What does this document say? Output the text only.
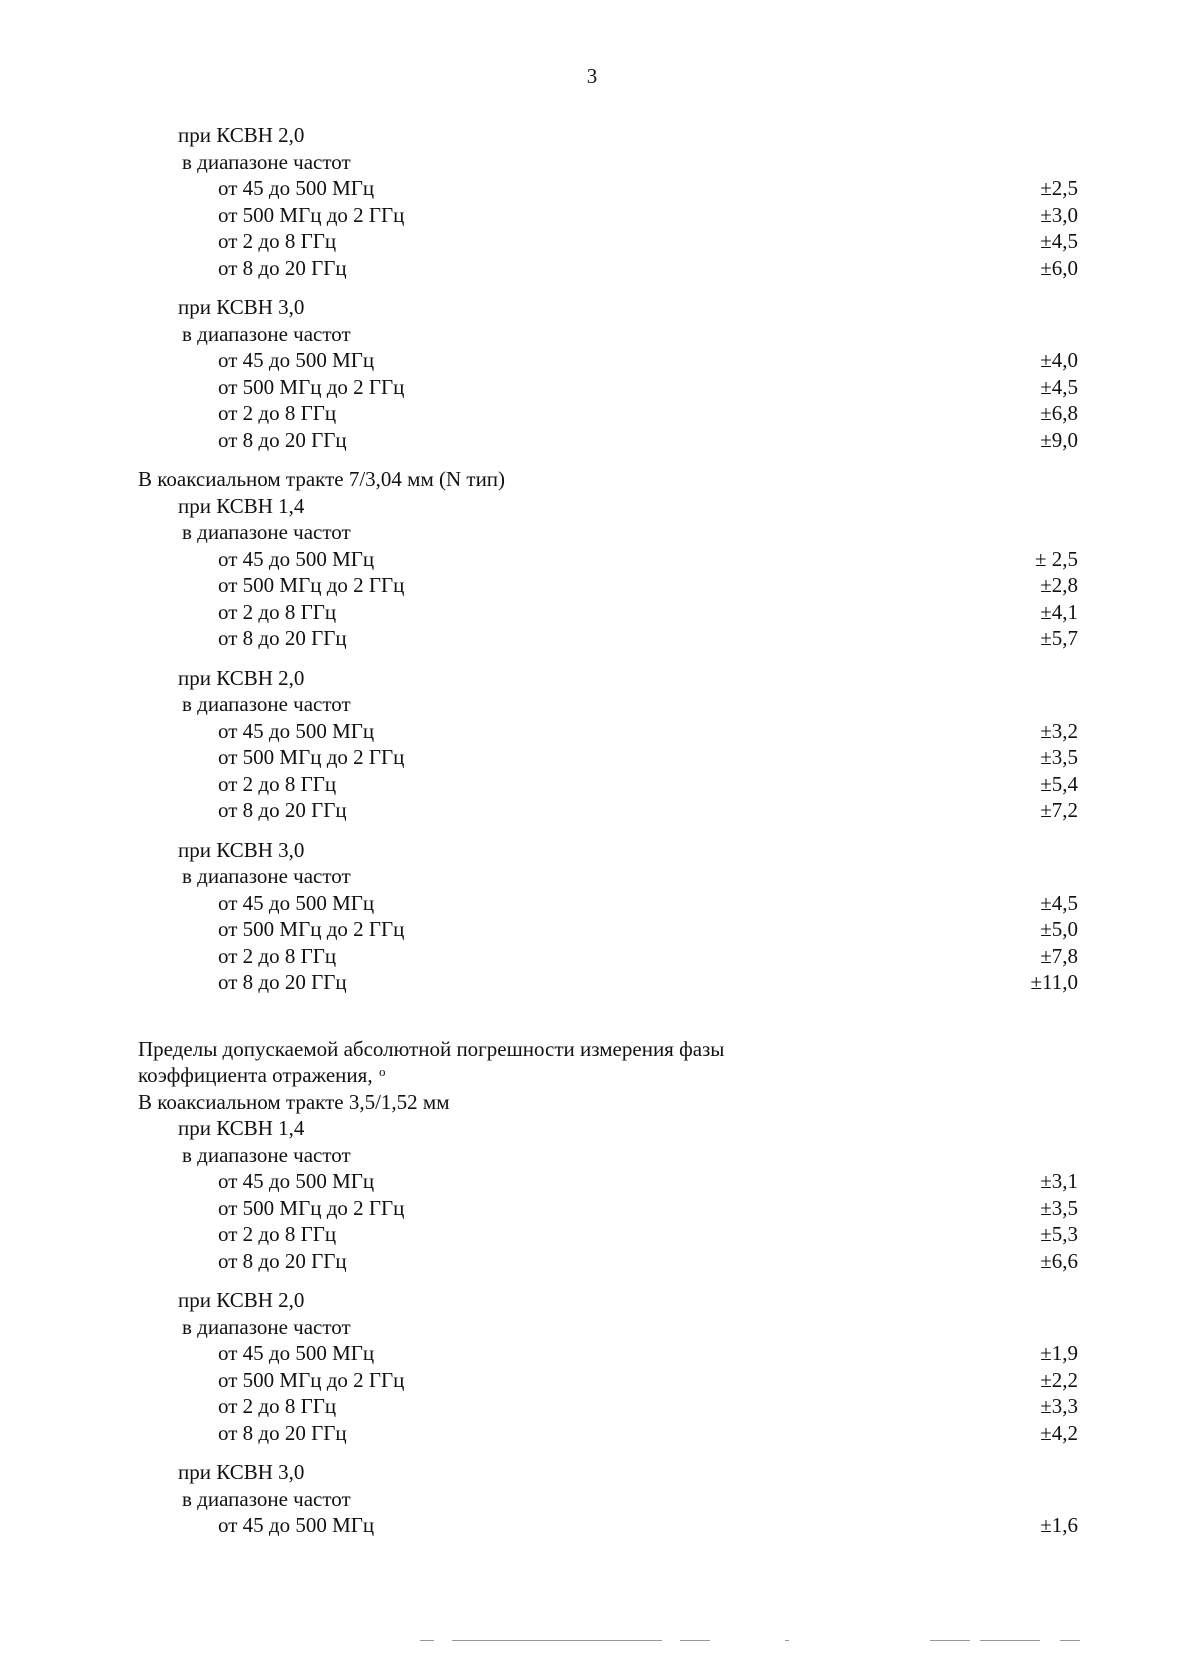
3
при КСВН 2,0
в диапазоне частот
от 45 до 500 МГц	±2,5
от 500 МГц до 2 ГГц	±3,0
от 2 до 8 ГГц	±4,5
от 8 до 20 ГГц	±6,0
при КСВН 3,0
в диапазоне частот
от 45 до 500 МГц	±4,0
от 500 МГц до 2 ГГц	±4,5
от 2 до 8 ГГц	±6,8
от 8 до 20 ГГц	±9,0
В коаксиальном тракте 7/3,04 мм (N тип)
при КСВН 1,4
в диапазоне частот
от 45 до 500 МГц	± 2,5
от 500 МГц до 2 ГГц	±2,8
от 2 до 8 ГГц	±4,1
от 8 до 20 ГГц	±5,7
при КСВН 2,0
в диапазоне частот
от 45 до 500 МГц	±3,2
от 500 МГц до 2 ГГц	±3,5
от 2 до 8 ГГц	±5,4
от 8 до 20 ГГц	±7,2
при КСВН 3,0
в диапазоне частот
от 45 до 500 МГц	±4,5
от 500 МГц до 2 ГГц	±5,0
от 2 до 8 ГГц	±7,8
от 8 до 20 ГГц	±11,0
Пределы допускаемой абсолютной погрешности измерения фазы
коэффициента отражения, о
В коаксиальном тракте 3,5/1,52 мм
при КСВН 1,4
в диапазоне частот
от 45 до 500 МГц	±3,1
от 500 МГц до 2 ГГц	±3,5
от 2 до 8 ГГц	±5,3
от 8 до 20 ГГц	±6,6
при КСВН 2,0
в диапазоне частот
от 45 до 500 МГц	±1,9
от 500 МГц до 2 ГГц	±2,2
от 2 до 8 ГГц	±3,3
от 8 до 20 ГГц	±4,2
при КСВН 3,0
в диапазоне частот
от 45 до 500 МГц	±1,6
